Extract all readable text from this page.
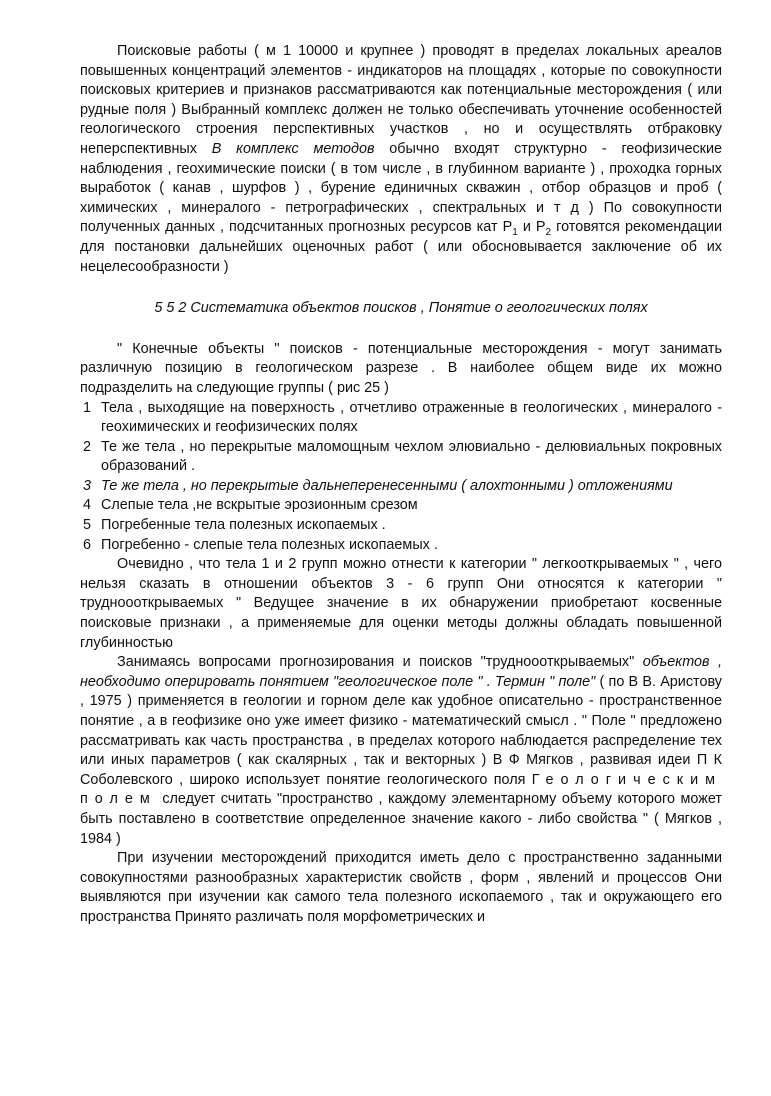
Поисковые работы ( м 1 10000 и крупнее ) проводят в пределах локальных ареалов повышенных концентраций элементов - индикаторов на площадях , которые по совокупности поисковых критериев и признаков рассматриваются как потенциальные месторождения ( или рудные поля ) Выбранный комплекс должен не только обеспечивать уточнение особенностей геологического строения перспективных участков , но и осуществлять отбраковку неперспективных В комплекс методов обычно входят структурно - геофизические наблюдения , геохимические поиски ( в том числе , в глубинном варианте ) , проходка горных выработок ( канав , шурфов ) , бурение единичных скважин , отбор образцов и проб ( химических , минералого - петрографических , спектральных и т д ) По совокупности полученных данных , подсчитанных прогнозных ресурсов кат $P_1$ и $P_2$ готовятся рекомендации для постановки дальнейших оценочных работ ( или обосновывается заключение об их нецелесообразности )

5 5 2 Систематика объектов поисков , Понятие о геологических полях

" Конечные объекты " поисков - потенциальные месторождения - могут занимать различную позицию в геологическом разрезе . В наиболее общем виде их можно подразделить на следующие группы ( рис 25 )

1 Тела , выходящие на поверхность , отчетливо отраженные в геологических , минералого - геохимических и геофизических полях
2 Те же тела , но перекрытые маломощным чехлом элювиально - делювиальных покровных образований .
3 Те же тела , но перекрытые дальнеперенесенными ( алохтонными ) отложениями
4 Слепые тела ,не вскрытые эрозионным срезом
5 Погребенные тела полезных ископаемых .
6 Погребенно - слепые тела полезных ископаемых .

Очевидно , что тела 1 и 2 групп можно отнести к категории " легкооткрываемых " , чего нельзя сказать в отношении объектов 3 - 6 групп Они относятся к категории " трудноооткрываемых " Ведущее значение в их обнаружении приобретают косвенные поисковые признаки , а применяемые для оценки методы должны обладать повышенной глубинностью

Занимаясь вопросами прогнозирования и поисков "трудноооткрываемых" объектов , необходимо оперировать понятием "геологическое поле " . Термин " поле" ( по В В. Аристову , 1975 ) применяется в геологии и горном деле как удобное описательно - пространственное понятие , а в геофизике оно уже имеет физико - математический смысл . " Поле " предложено рассматривать как часть пространства , в пределах которого наблюдается распределение тех или иных параметров ( как скалярных , так и векторных ) В Ф Мягков , развивая идеи П К Соболевского , широко использует понятие геологического поля Геологическим полем следует считать "пространство , каждому элементарному объему которого может быть поставлено в соответствие определенное значение какого - либо свойства " ( Мягков , 1984 )

При изучении месторождений приходится иметь дело с пространственно заданными совокупностями разнообразных характеристик свойств , форм , явлений и процессов Они выявляются при изучении как самого тела полезного ископаемого , так и окружающего его пространства Принято различать поля морфометрических и
